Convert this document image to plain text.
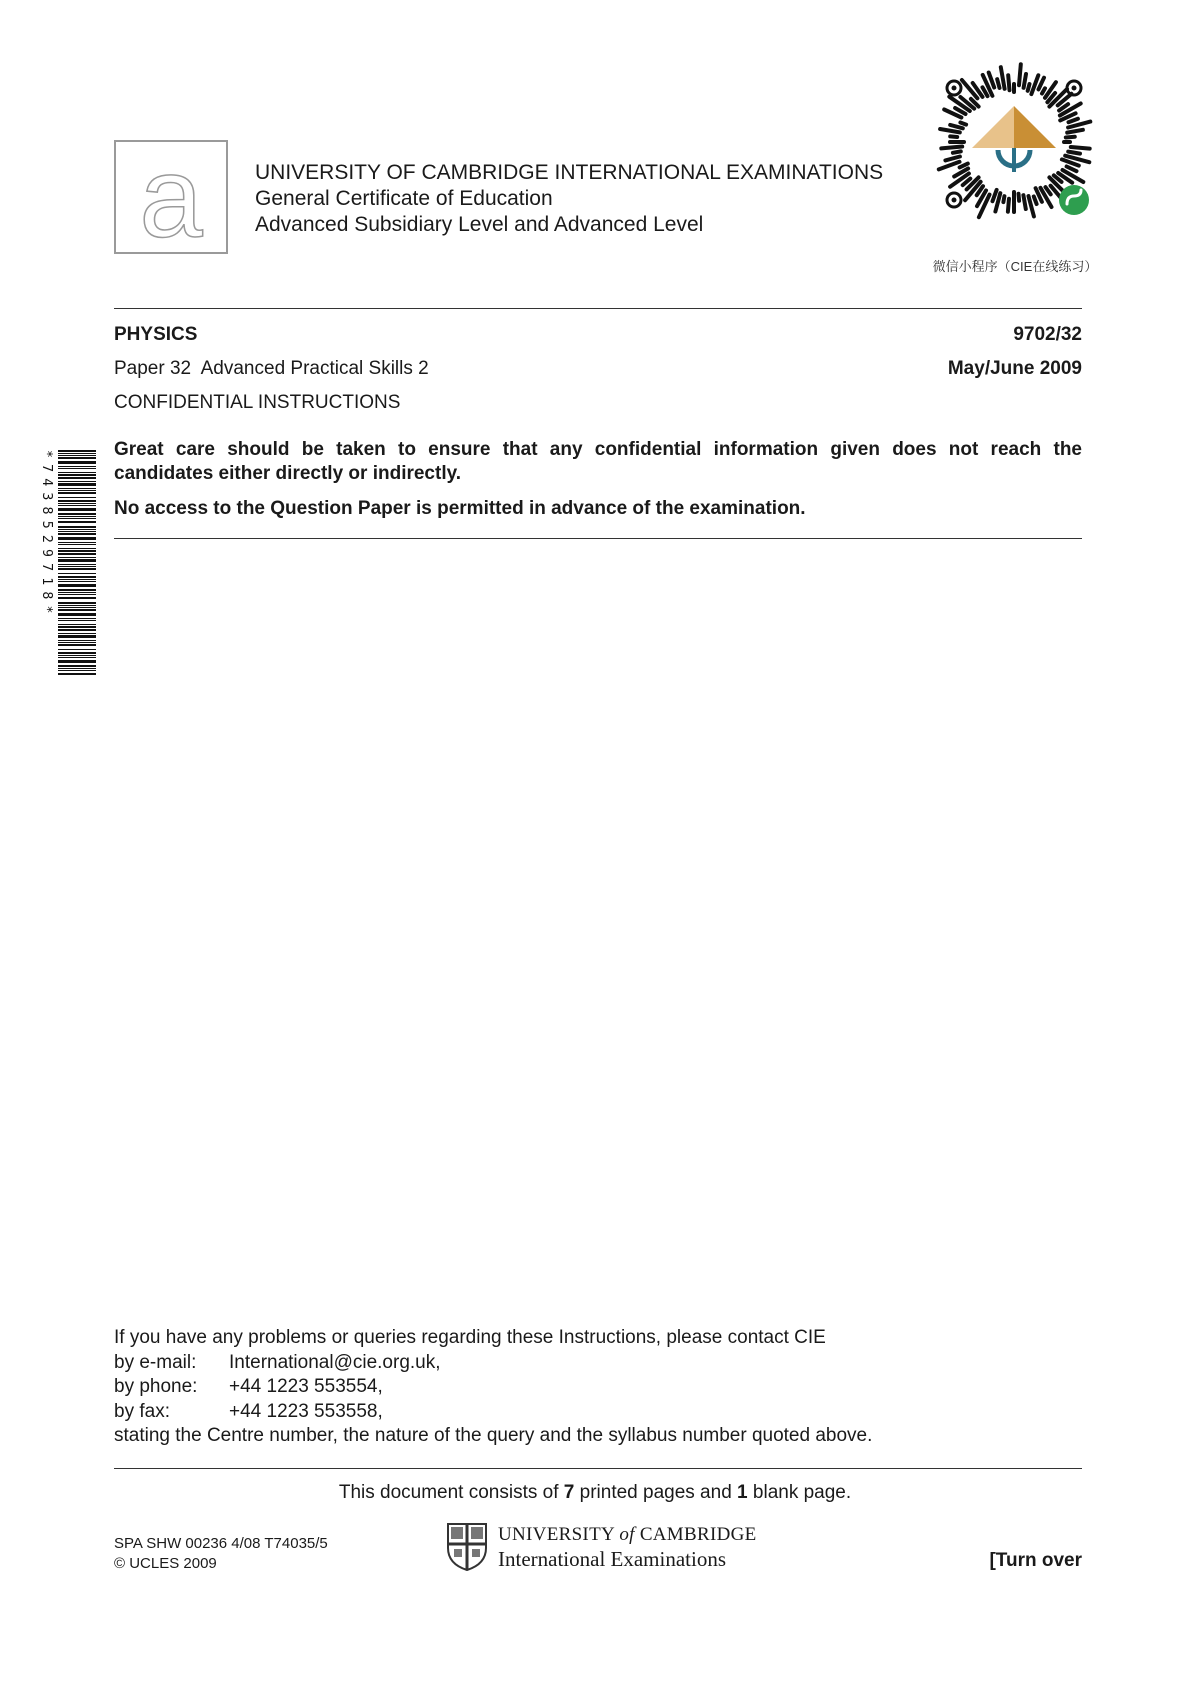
a UNIVERSITY OF CAMBRIDGE INTERNATIONAL EXAMINATIONS
General Certificate of Education
Advanced Subsidiary Level and Advanced Level
微信小程序（CIE在线练习）
PHYSICS	9702/32
Paper 32  Advanced Practical Skills 2	May/June 2009
CONFIDENTIAL INSTRUCTIONS
*7438529718*
Great care should be taken to ensure that any confidential information given does not reach the candidates either directly or indirectly.
No access to the Question Paper is permitted in advance of the examination.
If you have any problems or queries regarding these Instructions, please contact CIE
by e-mail: International@cie.org.uk,
by phone: +44 1223 553554,
by fax:	+44 1223 553558,
stating the Centre number, the nature of the query and the syllabus number quoted above.
This document consists of 7 printed pages and 1 blank page.
SPA SHW 00236 4/08 T74035/5
© UCLES 2009
UNIVERSITY of CAMBRIDGE
International Examinations	[Turn over
